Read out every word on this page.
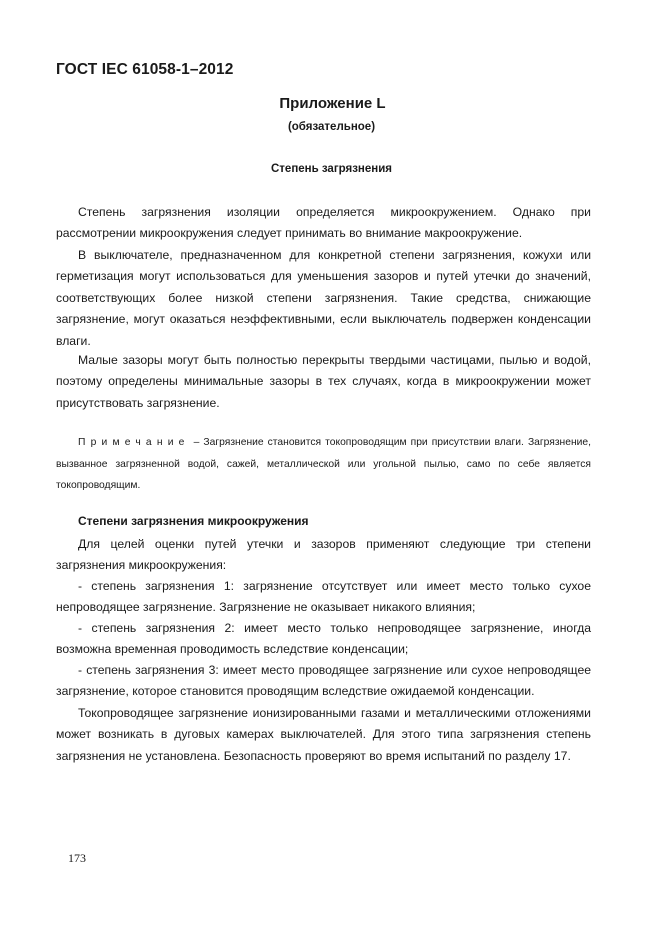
ГОСТ IEC 61058-1–2012
Приложение L
(обязательное)
Степень загрязнения

Степень загрязнения изоляции определяется микроокружением. Однако при рассмотрении микроокружения следует принимать во внимание макроокружение.

В выключателе, предназначенном для конкретной степени загрязнения, кожухи или герметизация могут использоваться для уменьшения зазоров и путей утечки до значений, соответствующих более низкой степени загрязнения. Такие средства, снижающие загрязнение, могут оказаться неэффективными, если выключатель подвержен конденсации влаги.

Малые зазоры могут быть полностью перекрыты твердыми частицами, пылью и водой, поэтому определены минимальные зазоры в тех случаях, когда в микроокружении может присутствовать загрязнение.

Примечание – Загрязнение становится токопроводящим при присутствии влаги. Загрязнение, вызванное загрязненной водой, сажей, металлической или угольной пылью, само по себе является токопроводящим.

Степени загрязнения микроокружения

Для целей оценки путей утечки и зазоров применяют следующие три степени загрязнения микроокружения:

- степень загрязнения 1: загрязнение отсутствует или имеет место только сухое непроводящее загрязнение. Загрязнение не оказывает никакого влияния;

- степень загрязнения 2: имеет место только непроводящее загрязнение, иногда возможна временная проводимость вследствие конденсации;

- степень загрязнения 3: имеет место проводящее загрязнение или сухое непроводящее загрязнение, которое становится проводящим вследствие ожидаемой конденсации.

Токопроводящее загрязнение ионизированными газами и металлическими отложениями может возникать в дуговых камерах выключателей. Для этого типа загрязнения степень загрязнения не установлена. Безопасность проверяют во время испытаний по разделу 17.

173
